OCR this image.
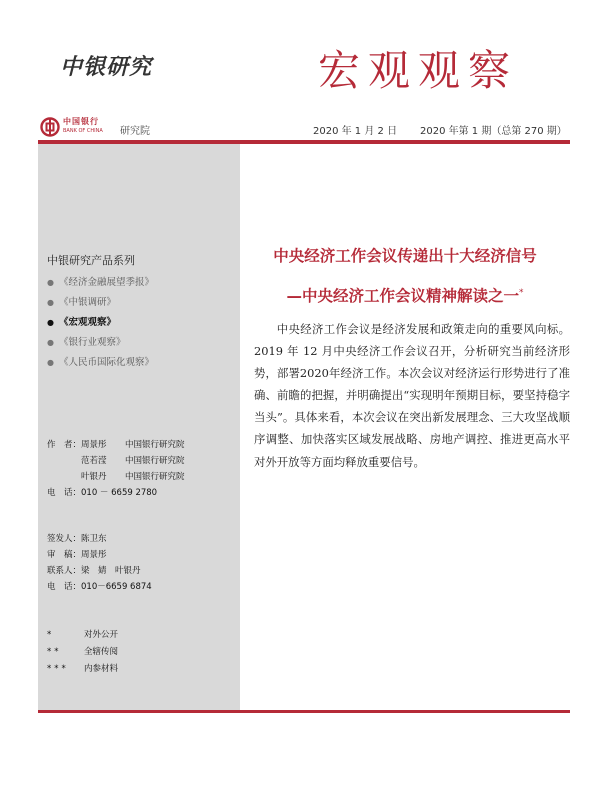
中银研究	宏观观察
中国银行
BANK OF CHINA 研究院	2020 年 1 月 2 日 2020 年第 1 期（总第 270 期）
中银研究产品系列
● 《经济金融展望季报》
● 《中银调研》
● 《宏观观察》
● 《银行业观察》
● 《人民币国际化观察》
作　者：周景彤 中国银行研究院
范若滢 中国银行研究院
叶银丹 中国银行研究院
电　话：010 － 6659 2780
签发人：陈卫东
审　稿：周景彤
联系人：梁　婧　叶银丹
电　话：010－6659 6874
*	对外公开
**	全辖传阅
*** 内参材料
中央经济工作会议传递出十大经济信号
—中央经济工作会议精神解读之一*

中央经济工作会议是经济发展和政策走向的重要风向标。2019 年 12 月中央经济工作会议召开，分析研究当前经济形势，部署2020年经济工作。本次会议对经济运行形势进行了准确、前瞻的把握，并明确提出“实现明年预期目标，要坚持稳字当头”。具体来看，本次会议在突出新发展理念、三大攻坚战顺序调整、加快落实区域发展战略、房地产调控、推进更高水平对外开放等方面均释放重要信号。
